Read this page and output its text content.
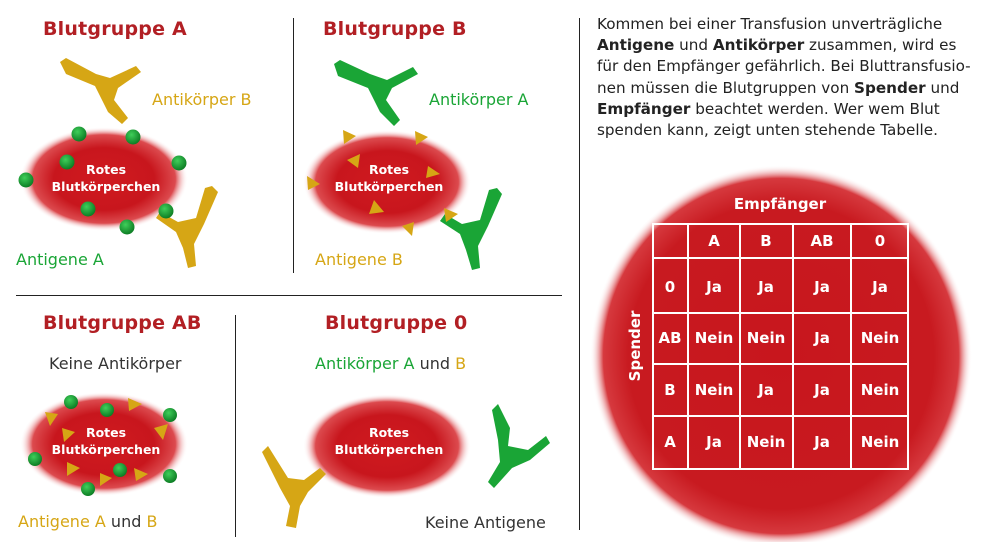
Empfänger
Spender
A	B	AB	0
0 Ja Ja	Ja	Ja
AB Nein Nein Ja Nein
B Nein Ja	Ja Nein
A Ja Nein Ja Nein
Rotes
Blutkörperchen
Rotes
Blutkörperchen
Rotes
Blutkörperchen
Rotes
Blutkörperchen
Blutgruppe A	Blutgruppe B
Blutgruppe AB	Blutgruppe 0
Antikörper B
Antigene A
Antikörper A
Antigene B
Keine Antikörper
Antigene A und B
Antikörper A und B
Keine Antigene
Kommen bei einer Transfusion unverträgliche Antigene und Antikörper zusammen, wird es für den Empfänger gefährlich. Bei Bluttransfusio-nen müssen die Blutgruppen von Spender und Empfänger beachtet werden. Wer wem Blut spenden kann, zeigt unten stehende Tabelle.
